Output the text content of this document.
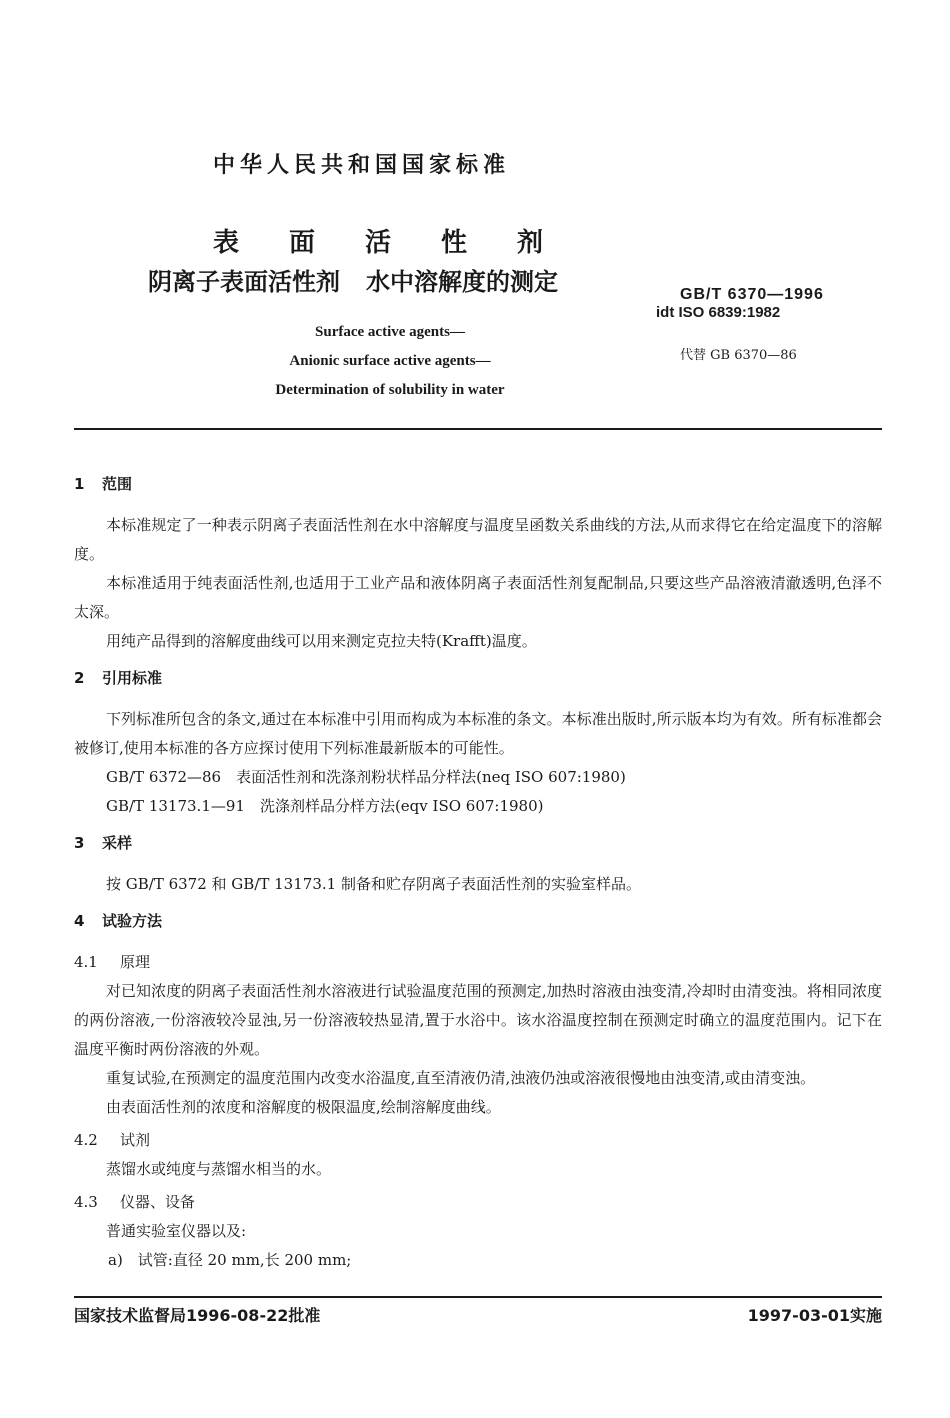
中华人民共和国国家标准
表面活性剂
阴离子表面活性剂 水中溶解度的测定
Surface active agents—
Anionic surface active agents—
Determination of solubility in water
GB/T 6370—1996
idt ISO 6839:1982
代替 GB 6370—86
1 范围

本标准规定了一种表示阴离子表面活性剂在水中溶解度与温度呈函数关系曲线的方法,从而求得它在给定温度下的溶解度。

本标准适用于纯表面活性剂,也适用于工业产品和液体阴离子表面活性剂复配制品,只要这些产品溶液清澈透明,色泽不太深。

用纯产品得到的溶解度曲线可以用来测定克拉夫特(Krafft)温度。

2 引用标准

下列标准所包含的条文,通过在本标准中引用而构成为本标准的条文。本标准出版时,所示版本均为有效。所有标准都会被修订,使用本标准的各方应探讨使用下列标准最新版本的可能性。

GB/T 6372—86　表面活性剂和洗涤剂粉状样品分样法(neq ISO 607:1980)
GB/T 13173.1—91　洗涤剂样品分样方法(eqv ISO 607:1980)
3 采样

按 GB/T 6372 和 GB/T 13173.1 制备和贮存阴离子表面活性剂的实验室样品。

4 试验方法
4.1 原理

对已知浓度的阴离子表面活性剂水溶液进行试验温度范围的预测定,加热时溶液由浊变清,冷却时由清变浊。将相同浓度的两份溶液,一份溶液较冷显浊,另一份溶液较热显清,置于水浴中。该水浴温度控制在预测定时确立的温度范围内。记下在温度平衡时两份溶液的外观。

重复试验,在预测定的温度范围内改变水浴温度,直至清液仍清,浊液仍浊或溶液很慢地由浊变清,或由清变浊。

由表面活性剂的浓度和溶解度的极限温度,绘制溶解度曲线。

4.2 试剂

蒸馏水或纯度与蒸馏水相当的水。

4.3 仪器、设备

普通实验室仪器以及:

a)　试管:直径 20 mm,长 200 mm;
国家技术监督局1996-08-22批准	1997-03-01实施
